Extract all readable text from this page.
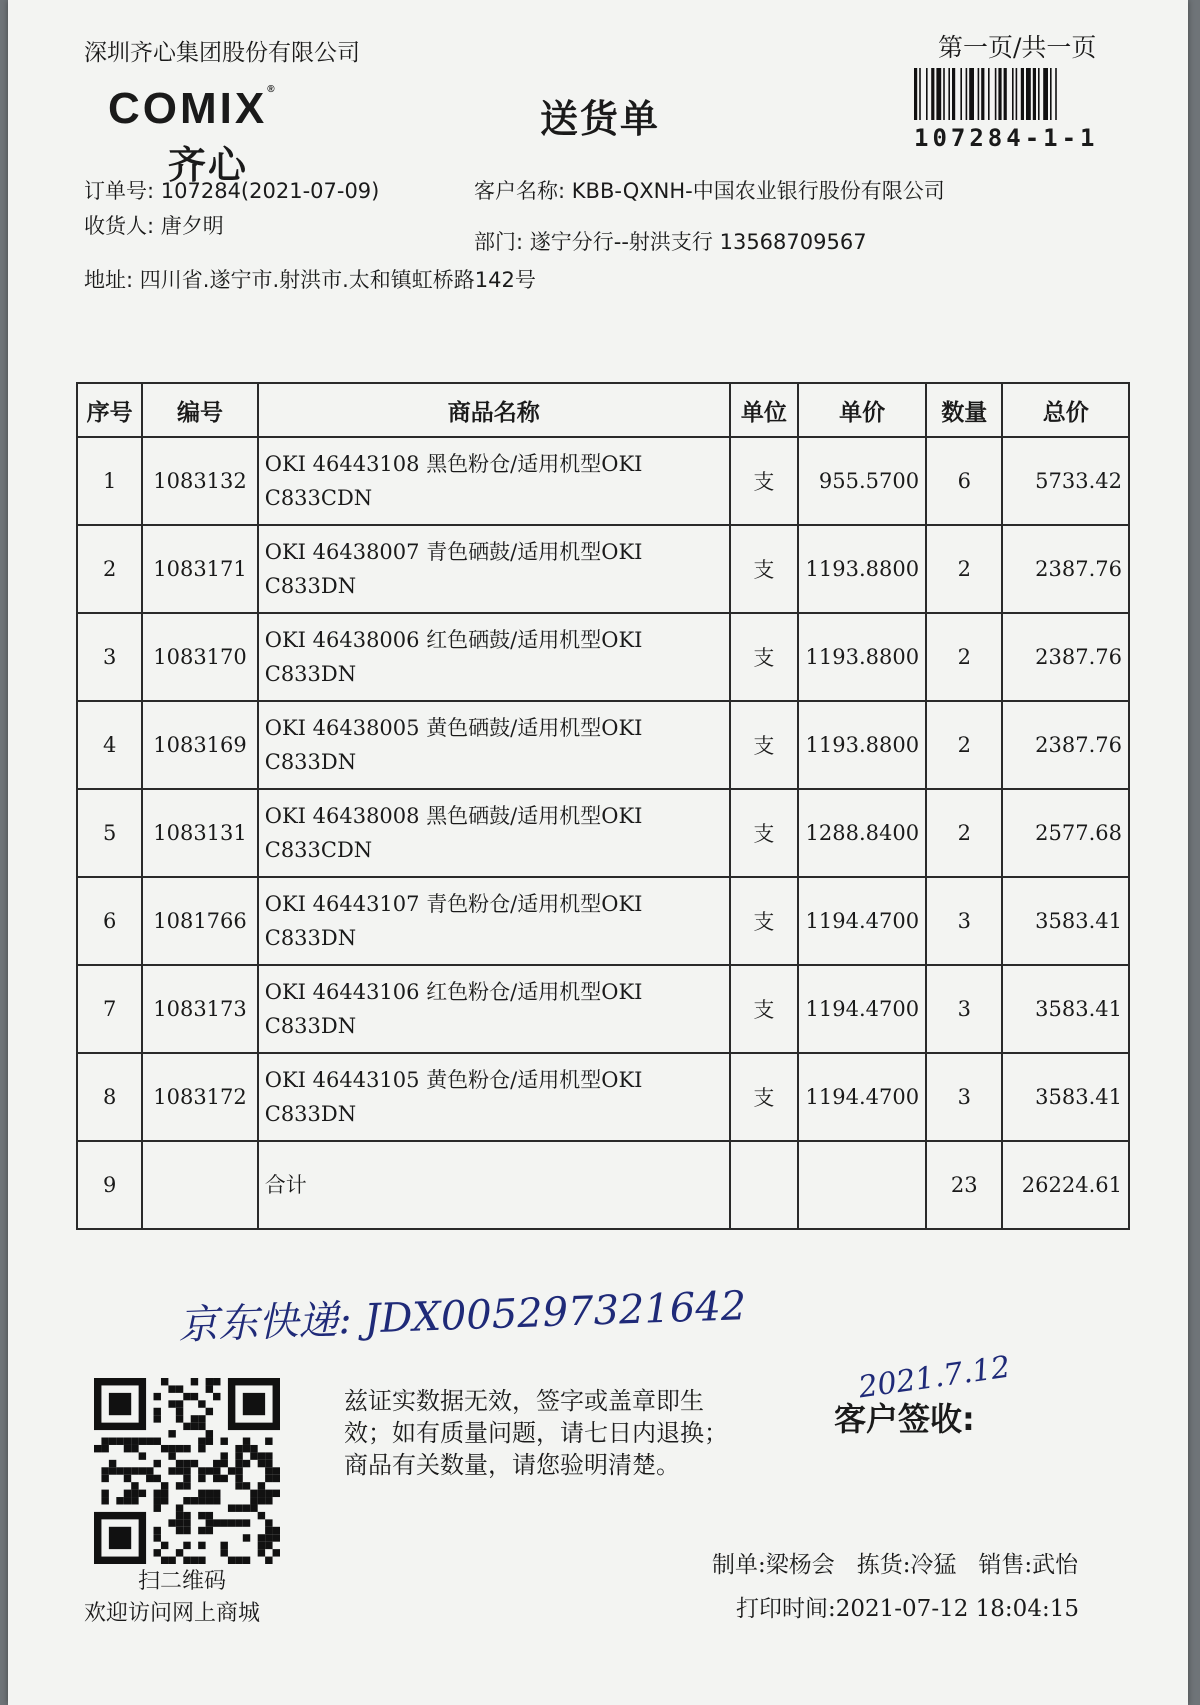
深圳齐心集团股份有限公司	第一页/共一页
COMIX®
齐心
送货单	107284-1-1
订单号: 107284(2021-07-09)
收货人: 唐夕明
地址: 四川省.遂宁市.射洪市.太和镇虹桥路142号
客户名称: KBB-QXNH-中国农业银行股份有限公司
部门: 遂宁分行--射洪支行 13568709567
序号	编号	商品名称	单位	单价	数量	总价
1	1083132	OKI 46443108 黑色粉仓/适用机型OKI C833CDN	支	955.5700	6	5733.42
2	1083171	OKI 46438007 青色硒鼓/适用机型OKI C833DN	支	1193.8800	2	2387.76
3	1083170	OKI 46438006 红色硒鼓/适用机型OKI C833DN	支	1193.8800	2	2387.76
4	1083169	OKI 46438005 黄色硒鼓/适用机型OKI C833DN	支	1193.8800	2	2387.76
5	1083131	OKI 46438008 黑色硒鼓/适用机型OKI C833CDN	支	1288.8400	2	2577.68
6	1081766	OKI 46443107 青色粉仓/适用机型OKI C833DN	支	1194.4700	3	3583.41
7	1083173	OKI 46443106 红色粉仓/适用机型OKI C833DN	支	1194.4700	3	3583.41
8	1083172	OKI 46443105 黄色粉仓/适用机型OKI C833DN	支	1194.4700	3	3583.41
9		合计			23	26224.61
京东快递: JDX005297321642
2021.7.12
扫二维码
欢迎访问网上商城
兹证实数据无效，签字或盖章即生效；如有质量问题，请七日内退换；商品有关数量，请您验明清楚。
客户签收:
制单:梁杨会 拣货:冷猛 销售:武怡
打印时间:2021-07-12 18:04:15
